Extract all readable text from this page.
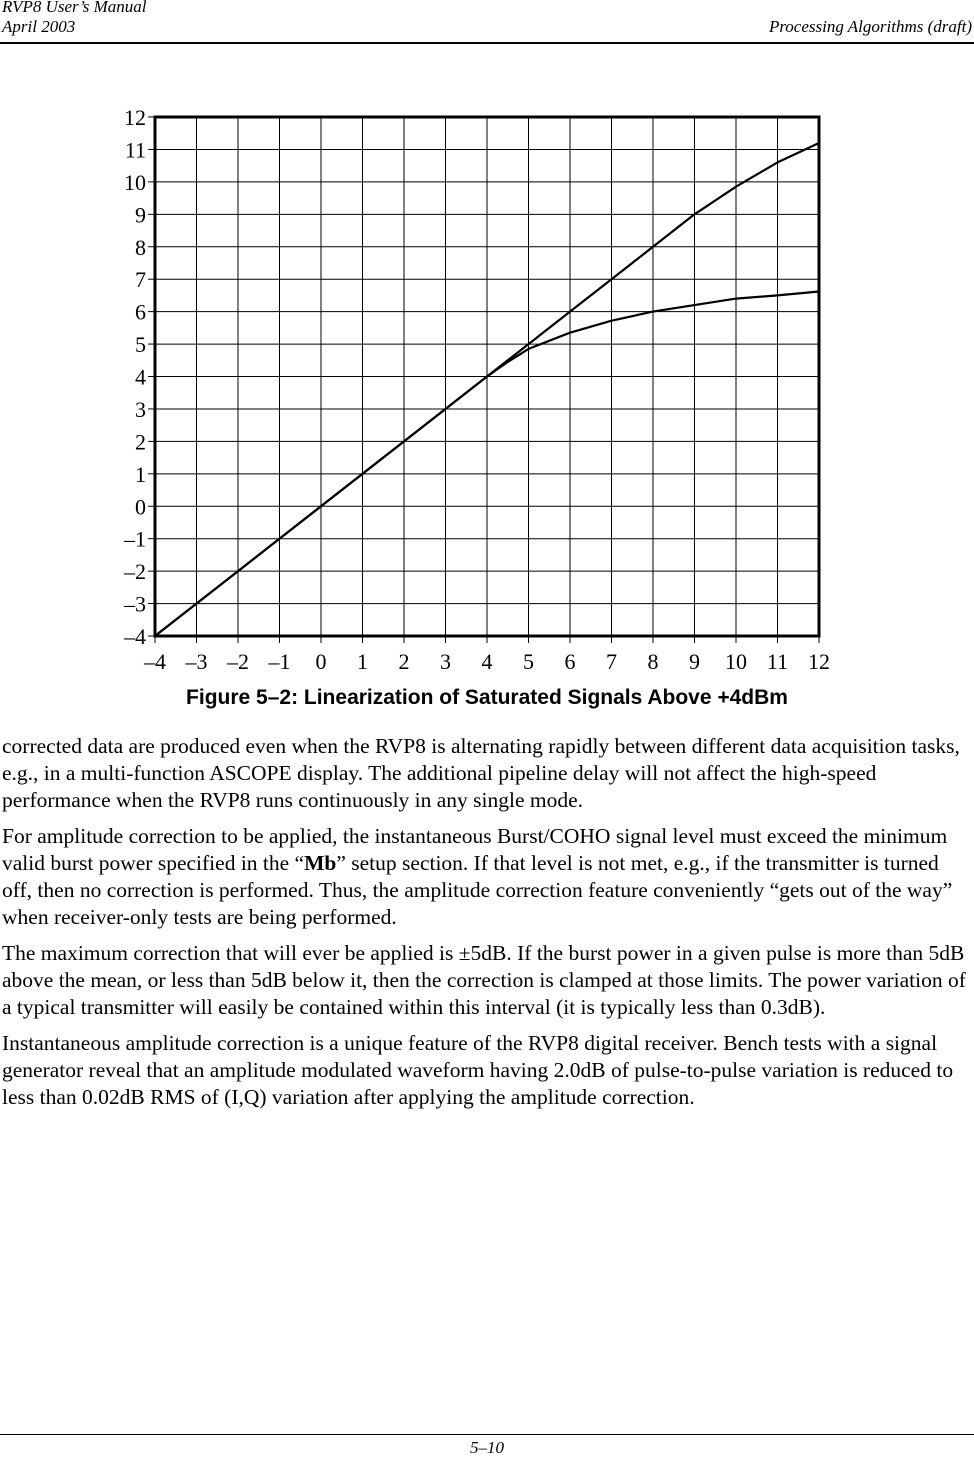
RVP8 User’s Manual
April 2003	Processing Algorithms (draft)
12
11
10
9
8
7
6
5
4
3
2
1
0
–1
–2
–3
–4
–4 –3 –2 –1 0 1 2 3 4 5 6 7 8 9 10 11 12
Figure 5–2: Linearization of Saturated Signals Above +4dBm

corrected data are produced even when the RVP8 is alternating rapidly between different data acquisition tasks, e.g., in a multi-function ASCOPE display. The additional pipeline delay will not affect the high-speed performance when the RVP8 runs continuously in any single mode.

For amplitude correction to be applied, the instantaneous Burst/COHO signal level must exceed the minimum valid burst power specified in the “Mb” setup section. If that level is not met, e.g., if the transmitter is turned off, then no correction is performed. Thus, the amplitude correction feature conveniently “gets out of the way” when receiver-only tests are being performed.

The maximum correction that will ever be applied is ±5dB. If the burst power in a given pulse is more than 5dB above the mean, or less than 5dB below it, then the correction is clamped at those limits. The power variation of a typical transmitter will easily be contained within this interval (it is typically less than 0.3dB).

Instantaneous amplitude correction is a unique feature of the RVP8 digital receiver. Bench tests with a signal generator reveal that an amplitude modulated waveform having 2.0dB of pulse-to-pulse variation is reduced to less than 0.02dB RMS of (I,Q) variation after applying the amplitude correction.

5–10
